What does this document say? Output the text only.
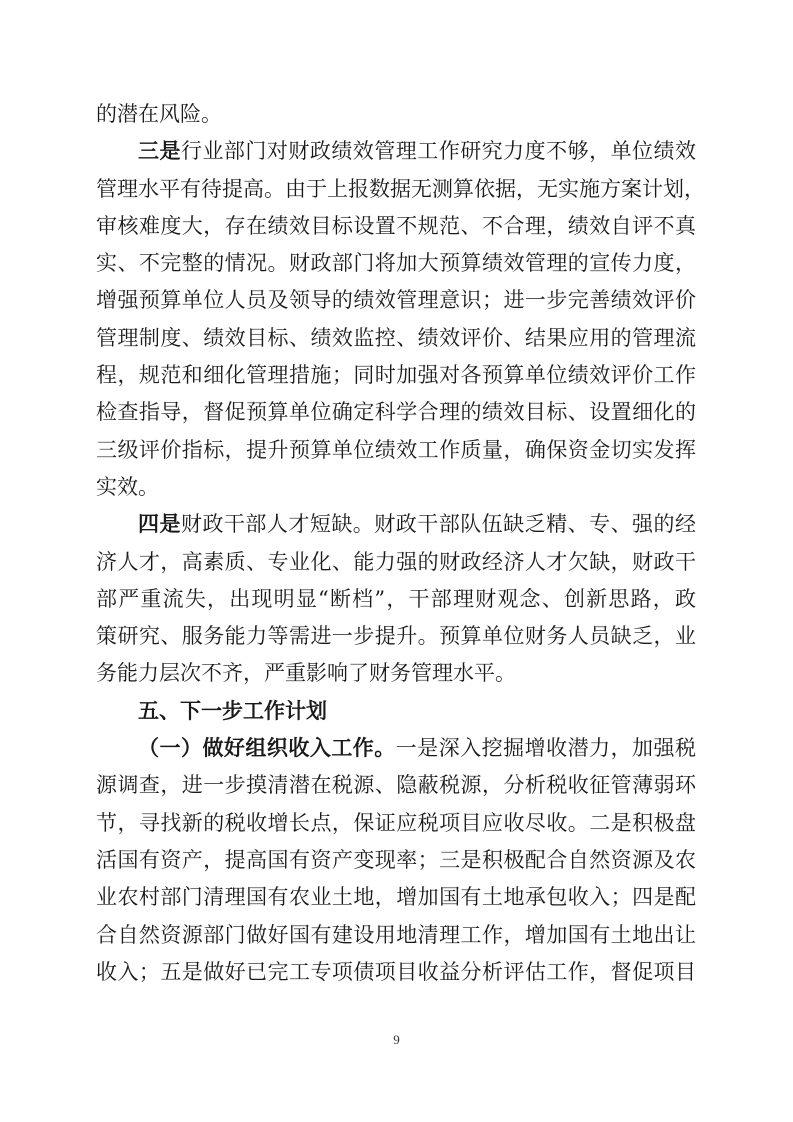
的潜在风险。
三是行业部门对财政绩效管理工作研究力度不够，单位绩效
管理水平有待提高。由于上报数据无测算依据，无实施方案计划，
审核难度大，存在绩效目标设置不规范、不合理，绩效自评不真
实、不完整的情况。财政部门将加大预算绩效管理的宣传力度，
增强预算单位人员及领导的绩效管理意识；进一步完善绩效评价
管理制度、绩效目标、绩效监控、绩效评价、结果应用的管理流
程，规范和细化管理措施；同时加强对各预算单位绩效评价工作
检查指导，督促预算单位确定科学合理的绩效目标、设置细化的
三级评价指标，提升预算单位绩效工作质量，确保资金切实发挥
实效。
四是财政干部人才短缺。财政干部队伍缺乏精、专、强的经
济人才，高素质、专业化、能力强的财政经济人才欠缺，财政干
部严重流失，出现明显“断档”，干部理财观念、创新思路，政
策研究、服务能力等需进一步提升。预算单位财务人员缺乏，业
务能力层次不齐，严重影响了财务管理水平。
五、下一步工作计划
（一）做好组织收入工作。一是深入挖掘增收潜力，加强税
源调查，进一步摸清潜在税源、隐蔽税源，分析税收征管薄弱环
节，寻找新的税收增长点，保证应税项目应收尽收。二是积极盘
活国有资产，提高国有资产变现率；三是积极配合自然资源及农
业农村部门清理国有农业土地，增加国有土地承包收入；四是配
合自然资源部门做好国有建设用地清理工作，增加国有土地出让
收入；五是做好已完工专项债项目收益分析评估工作，督促项目
9
